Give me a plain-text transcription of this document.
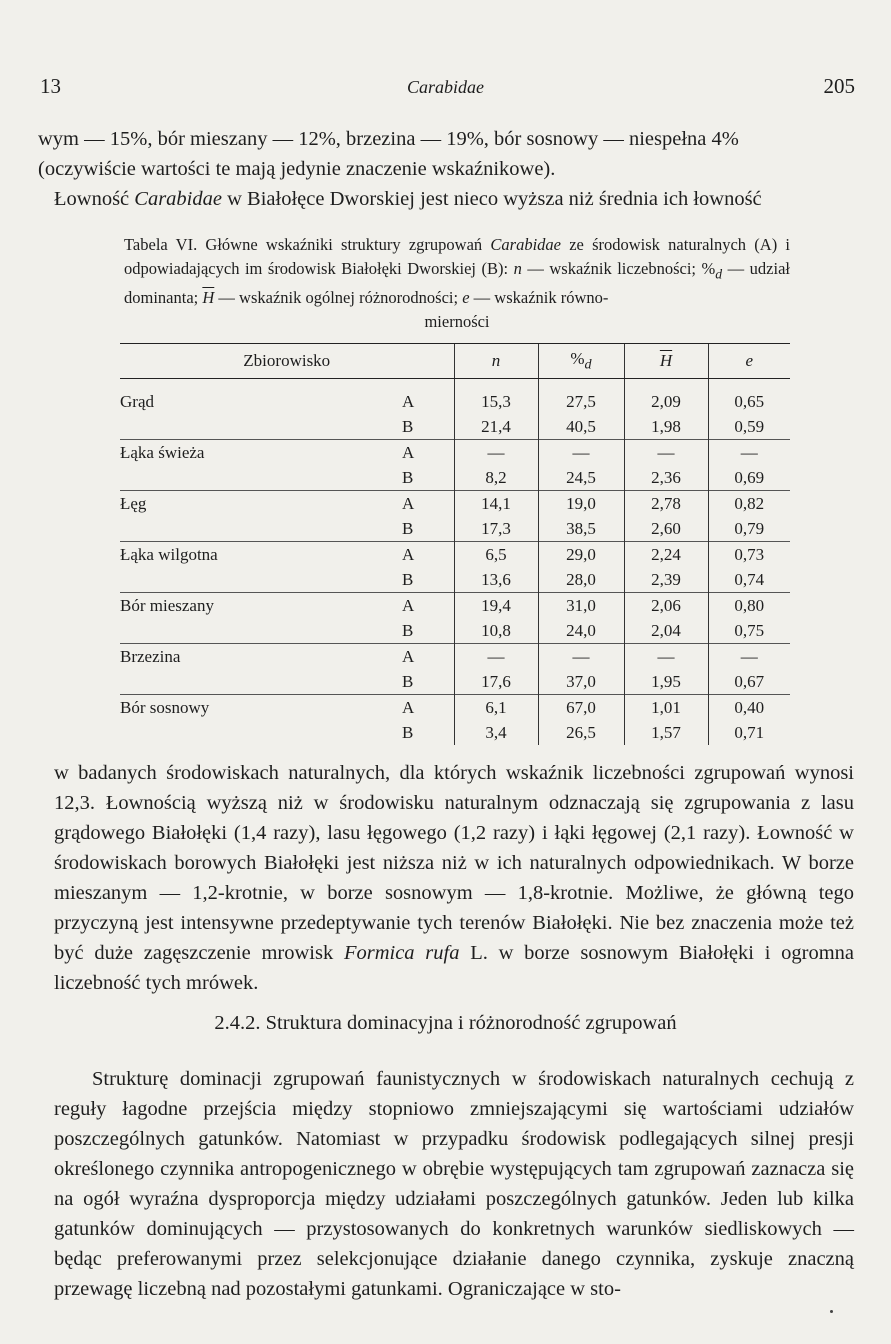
13	Carabidae	205
wym — 15%, bór mieszany — 12%, brzezina — 19%, bór sosnowy — niespełna 4%
(oczywiście wartości te mają jedynie znaczenie wskaźnikowe).
Łowność Carabidae w Białołęce Dworskiej jest nieco wyższa niż średnia ich łowność
Tabela VI. Główne wskaźniki struktury zgrupowań Carabidae ze środowisk naturalnych (A) i odpowiadających im środowisk Białołęki Dworskiej (B): n — wskaźnik liczebności; $\%_d$ — udział dominanta; $\overline{H}$ — wskaźnik ogólnej różnorodności; e — wskaźnik równo-
mierności
Zbiorowisko		n	$\%_d$	$\overline{H}$	e
Grąd	A	15,3	27,5	2,09	0,65
	B	21,4	40,5	1,98	0,59
Łąka świeża	A	—	—	—	—
	B	8,2	24,5	2,36	0,69
Łęg	A	14,1	19,0	2,78	0,82
	B	17,3	38,5	2,60	0,79
Łąka wilgotna	A	6,5	29,0	2,24	0,73
	B	13,6	28,0	2,39	0,74
Bór mieszany	A	19,4	31,0	2,06	0,80
	B	10,8	24,0	2,04	0,75
Brzezina	A	—	—	—	—
	B	17,6	37,0	1,95	0,67
Bór sosnowy	A	6,1	67,0	1,01	0,40
	B	3,4	26,5	1,57	0,71
w badanych środowiskach naturalnych, dla których wskaźnik liczebności zgrupowań wynosi 12,3. Łownością wyższą niż w środowisku naturalnym odznaczają się zgrupowania z lasu grądowego Białołęki (1,4 razy), lasu łęgowego (1,2 razy) i łąki łęgowej (2,1 razy). Łowność w środowiskach borowych Białołęki jest niższa niż w ich naturalnych odpowiednikach. W borze mieszanym — 1,2-krotnie, w borze sosnowym — 1,8-krotnie. Możliwe, że główną tego przyczyną jest intensywne przedeptywanie tych terenów Białołęki. Nie bez znaczenia może też być duże zagęszczenie mrowisk Formica rufa L. w borze sosnowym Białołęki i ogromna liczebność tych mrówek.
2.4.2. Struktura dominacyjna i różnorodność zgrupowań
Strukturę dominacji zgrupowań faunistycznych w środowiskach naturalnych cechują z reguły łagodne przejścia między stopniowo zmniejszającymi się wartościami udziałów poszczególnych gatunków. Natomiast w przypadku środowisk podlegających silnej presji określonego czynnika antropogenicznego w obrębie występujących tam zgrupowań zaznacza się na ogół wyraźna dysproporcja między udziałami poszczególnych gatunków. Jeden lub kilka gatunków dominujących — przystosowanych do konkretnych warunków siedliskowych — będąc preferowanymi przez selekcjonujące działanie danego czynnika, zyskuje znaczną przewagę liczebną nad pozostałymi gatunkami. Ograniczające w sto-
